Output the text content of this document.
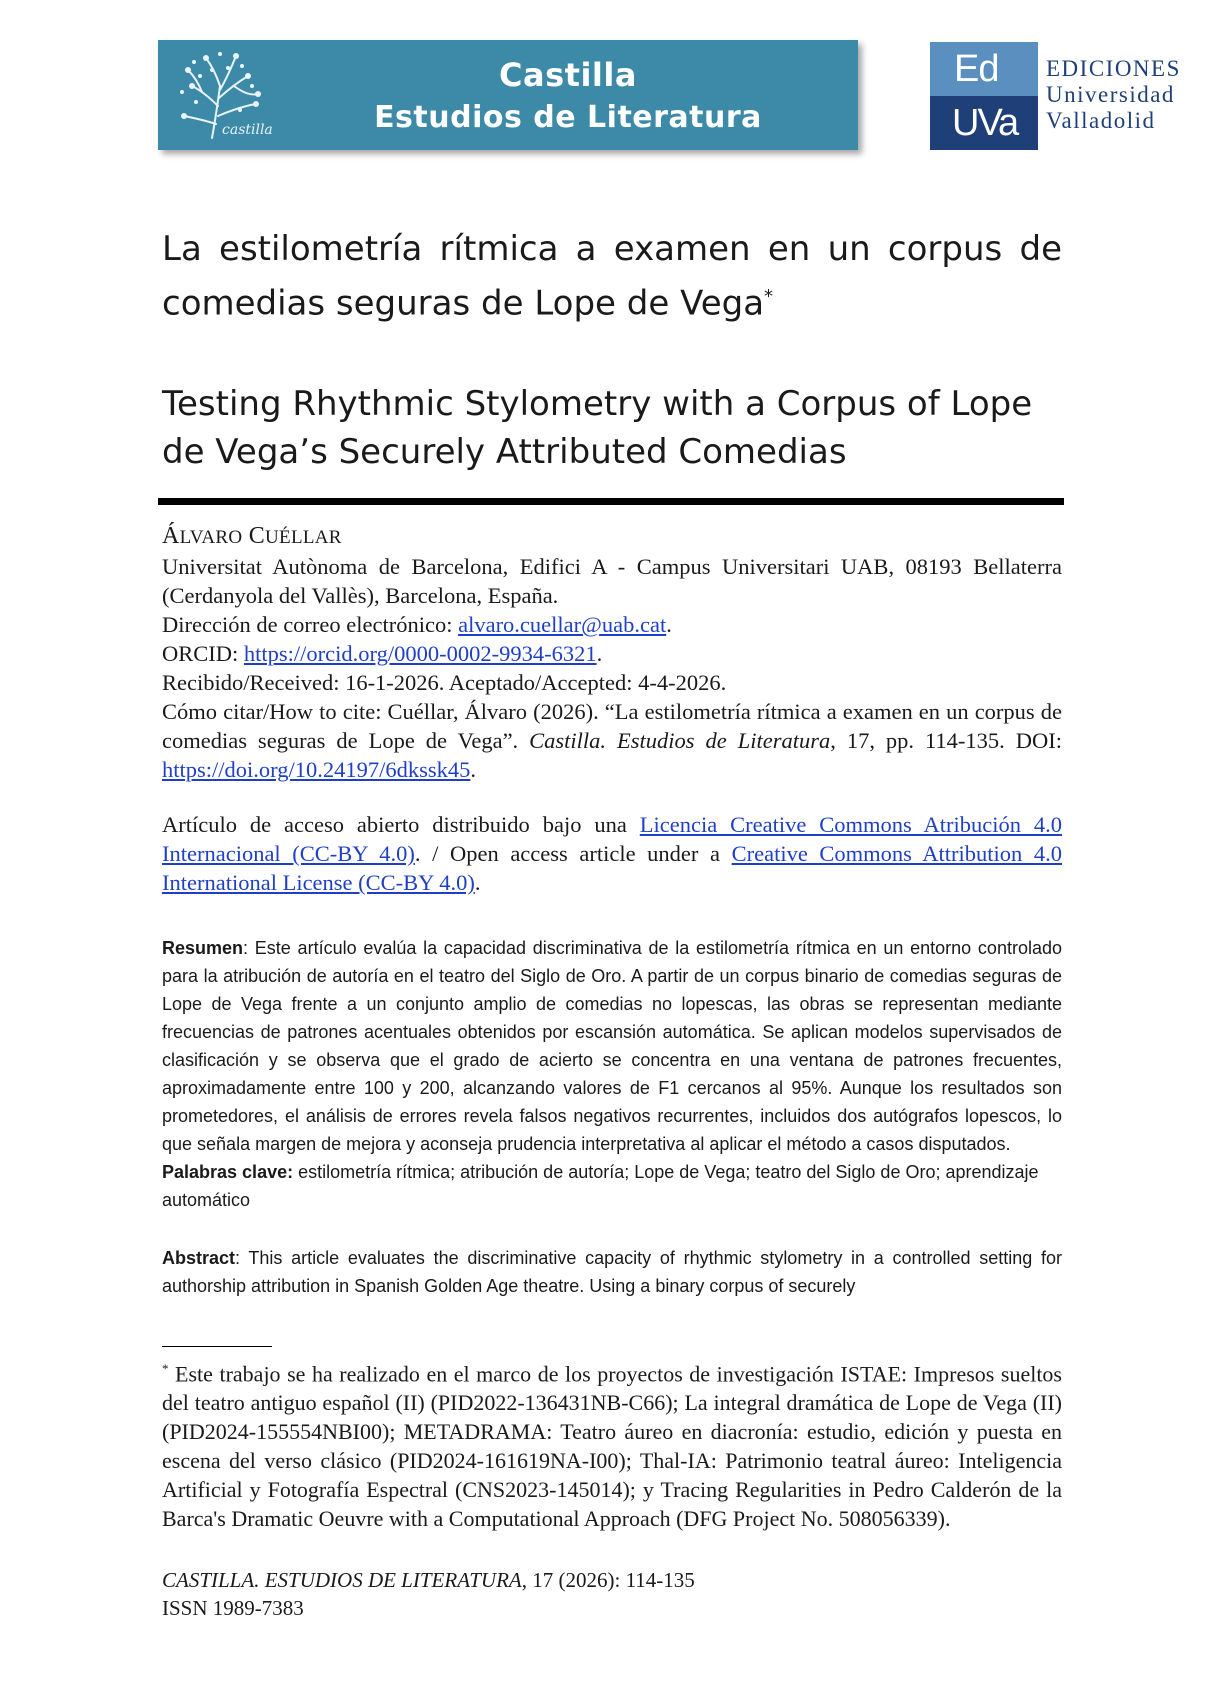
castilla
Castilla
Estudios de Literatura
Ed
UVa
EDICIONES
Universidad
Valladolid
La estilometría rítmica a examen en un corpus de comedias seguras de Lope de Vega*
Testing Rhythmic Stylometry with a Corpus of Lope de Vega’s Securely Attributed Comedias
ÁLVARO CUÉLLAR
Universitat Autònoma de Barcelona, Edifici A - Campus Universitari UAB, 08193 Bellaterra (Cerdanyola del Vallès), Barcelona, España.
Dirección de correo electrónico: alvaro.cuellar@uab.cat.
ORCID: https://orcid.org/0000-0002-9934-6321.
Recibido/Received: 16-1-2026. Aceptado/Accepted: 4-4-2026.
Cómo citar/How to cite: Cuéllar, Álvaro (2026). “La estilometría rítmica a examen en un corpus de comedias seguras de Lope de Vega”. Castilla. Estudios de Literatura, 17, pp. 114-135. DOI: https://doi.org/10.24197/6dkssk45.
Artículo de acceso abierto distribuido bajo una Licencia Creative Commons Atribución 4.0 Internacional (CC-BY 4.0). / Open access article under a Creative Commons Attribution 4.0 International License (CC-BY 4.0).
Resumen: Este artículo evalúa la capacidad discriminativa de la estilometría rítmica en un entorno controlado para la atribución de autoría en el teatro del Siglo de Oro. A partir de un corpus binario de comedias seguras de Lope de Vega frente a un conjunto amplio de comedias no lopescas, las obras se representan mediante frecuencias de patrones acentuales obtenidos por escansión automática. Se aplican modelos supervisados de clasificación y se observa que el grado de acierto se concentra en una ventana de patrones frecuentes, aproximadamente entre 100 y 200, alcanzando valores de F1 cercanos al 95%. Aunque los resultados son prometedores, el análisis de errores revela falsos negativos recurrentes, incluidos dos autógrafos lopescos, lo que señala margen de mejora y aconseja prudencia interpretativa al aplicar el método a casos disputados.
Palabras clave: estilometría rítmica; atribución de autoría; Lope de Vega; teatro del Siglo de Oro; aprendizaje automático
Abstract: This article evaluates the discriminative capacity of rhythmic stylometry in a controlled setting for authorship attribution in Spanish Golden Age theatre. Using a binary corpus of securely
* Este trabajo se ha realizado en el marco de los proyectos de investigación ISTAE: Impresos sueltos del teatro antiguo español (II) (PID2022-136431NB-C66); La integral dramática de Lope de Vega (II) (PID2024-155554NBI00); METADRAMA: Teatro áureo en diacronía: estudio, edición y puesta en escena del verso clásico (PID2024-161619NA-I00); Thal-IA: Patrimonio teatral áureo: Inteligencia Artificial y Fotografía Espectral (CNS2023-145014); y Tracing Regularities in Pedro Calderón de la Barca's Dramatic Oeuvre with a Computational Approach (DFG Project No. 508056339).
CASTILLA. ESTUDIOS DE LITERATURA, 17 (2026): 114-135
ISSN 1989-7383
